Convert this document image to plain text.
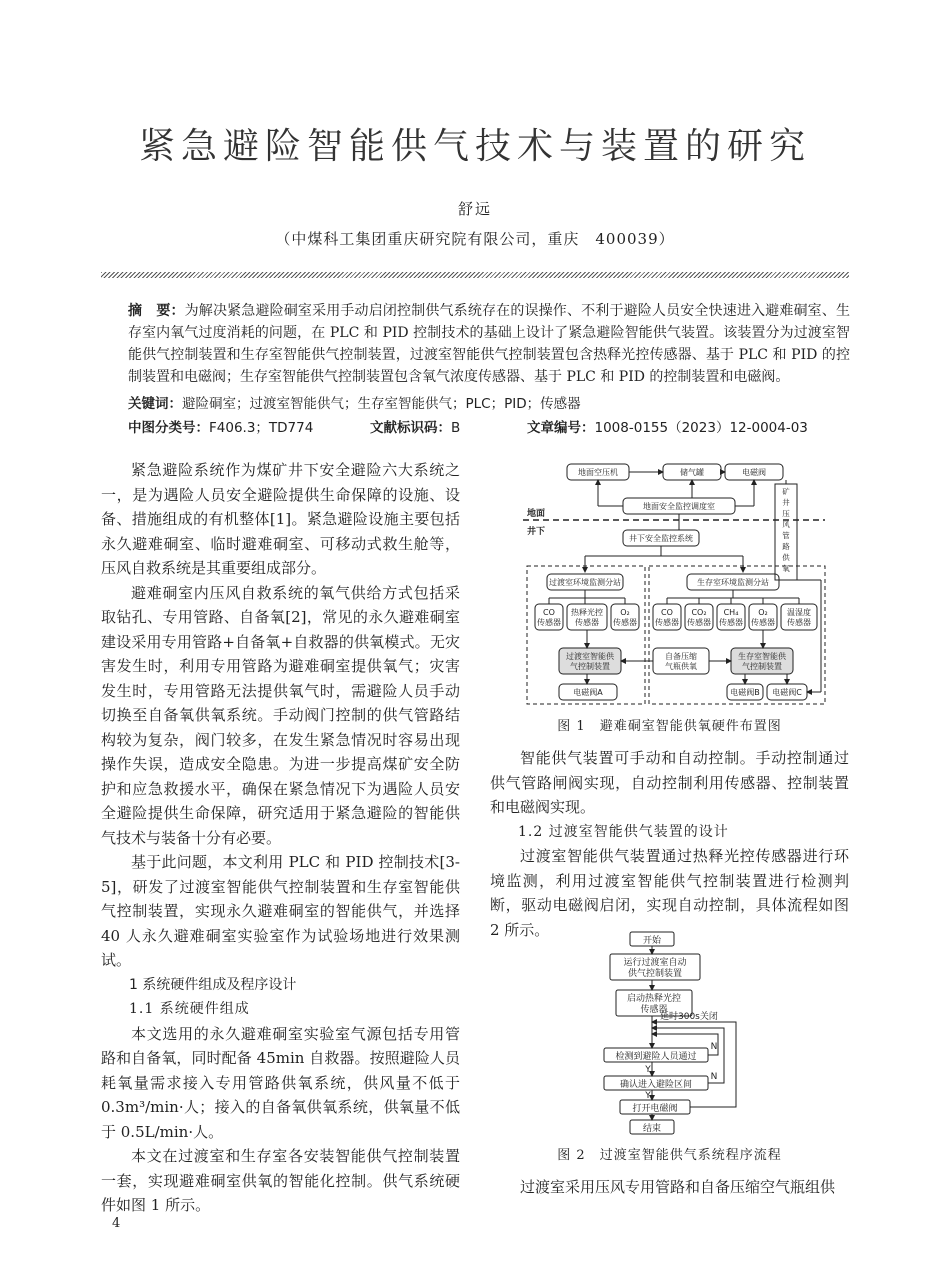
紧急避险智能供气技术与装置的研究
舒远
（中煤科工集团重庆研究院有限公司，重庆　400039）
摘　要：为解决紧急避险硐室采用手动启闭控制供气系统存在的误操作、不利于避险人员安全快速进入避难硐室、生存室内氧气过度消耗的问题，在 PLC 和 PID 控制技术的基础上设计了紧急避险智能供气装置。该装置分为过渡室智能供气控制装置和生存室智能供气控制装置，过渡室智能供气控制装置包含热释光控传感器、基于 PLC 和 PID 的控制装置和电磁阀；生存室智能供气控制装置包含氧气浓度传感器、基于 PLC 和 PID 的控制装置和电磁阀。
关键词：避险硐室；过渡室智能供气；生存室智能供气；PLC；PID；传感器
中图分类号：F406.3；TD774	文献标识码：B	文章编号：1008-0155（2023）12-0004-03

紧急避险系统作为煤矿井下安全避险六大系统之一，是为遇险人员安全避险提供生命保障的设施、设备、措施组成的有机整体[1]。紧急避险设施主要包括永久避难硐室、临时避难硐室、可移动式救生舱等，压风自救系统是其重要组成部分。

避难硐室内压风自救系统的氧气供给方式包括采取钻孔、专用管路、自备氧[2]，常见的永久避难硐室建设采用专用管路+自备氧+自救器的供氧模式。无灾害发生时，利用专用管路为避难硐室提供氧气；灾害发生时，专用管路无法提供氧气时，需避险人员手动切换至自备氧供氧系统。手动阀门控制的供气管路结构较为复杂，阀门较多，在发生紧急情况时容易出现操作失误，造成安全隐患。为进一步提高煤矿安全防护和应急救援水平，确保在紧急情况下为遇险人员安全避险提供生命保障，研究适用于紧急避险的智能供气技术与装备十分有必要。

基于此问题，本文利用 PLC 和 PID 控制技术[3-5]，研发了过渡室智能供气控制装置和生存室智能供气控制装置，实现永久避难硐室的智能供气，并选择 40 人永久避难硐室实验室作为试验场地进行效果测试。

1 系统硬件组成及程序设计

1.1 系统硬件组成

本文选用的永久避难硐室实验室气源包括专用管路和自备氧，同时配备 45min 自救器。按照避险人员耗氧量需求接入专用管路供氧系统，供风量不低于 0.3m³/min·人；接入的自备氧供氧系统，供氧量不低于 0.5L/min·人。

本文在过渡室和生存室各安装智能供气控制装置一套，实现避难硐室供氧的智能化控制。供气系统硬件如图 1 所示。

地面空压机	储气罐	电磁阀
地面安全监控调度室
井下安全监控系统
过渡室环境监测分站	生存室环境监测分站
CO
传感器
热释光控
传感器
O₂
传感器
CO
传感器
CO₂
传感器
CH₄
传感器
O₂
传感器
温湿度
传感器
过渡室智能供
气控制装置
自备压缩
气瓶供氧
生存室智能供
气控制装置
电磁阀A	电磁阀B 电磁阀C
地面
井下
矿井压风管路供氧
图 1　避难硐室智能供氧硬件布置图

智能供气装置可手动和自动控制。手动控制通过供气管路闸阀实现，自动控制利用传感器、控制装置和电磁阀实现。

1.2 过渡室智能供气装置的设计

过渡室智能供气装置通过热释光控传感器进行环境监测，利用过渡室智能供气控制装置进行检测判断，驱动电磁阀启闭，实现自动控制，具体流程如图 2 所示。

开始
运行过渡室自动
供气控制装置
启动热释光控
传感器
检测到避险人员通过
确认进入避险区间
打开电磁阀
结束
N
N
Y
Y
延时300s关闭
图 2　过渡室智能供气系统程序流程

过渡室采用压风专用管路和自备压缩空气瓶组供

4
